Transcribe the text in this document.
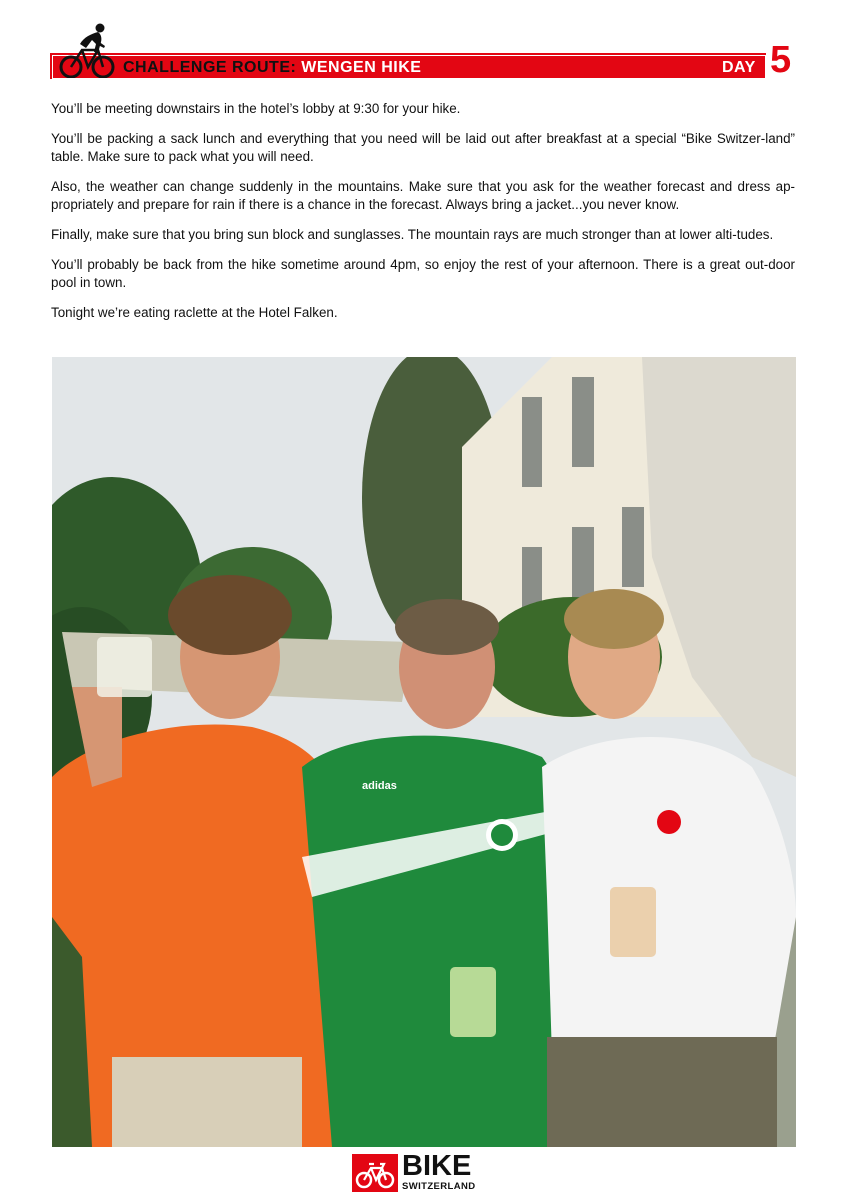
CHALLENGE ROUTE: WENGEN HIKE	DAY 5

You’ll be meeting downstairs in the hotel’s lobby at 9:30 for your hike.

You’ll be packing a sack lunch and everything that you need will be laid out after breakfast at a special “Bike Switzer-land” table. Make sure to pack what you will need.

Also, the weather can change suddenly in the mountains. Make sure that you ask for the weather forecast and dress ap-propriately and prepare for rain if there is a chance in the forecast. Always bring a jacket...you never know.

Finally, make sure that you bring sun block and sunglasses. The mountain rays are much stronger than at lower alti-tudes.

You’ll probably be back from the hike sometime around 4pm, so enjoy the rest of your afternoon. There is a great out-door pool in town.

Tonight we’re eating raclette at the Hotel Falken.

adidas
BIKE
SWITZERLAND
